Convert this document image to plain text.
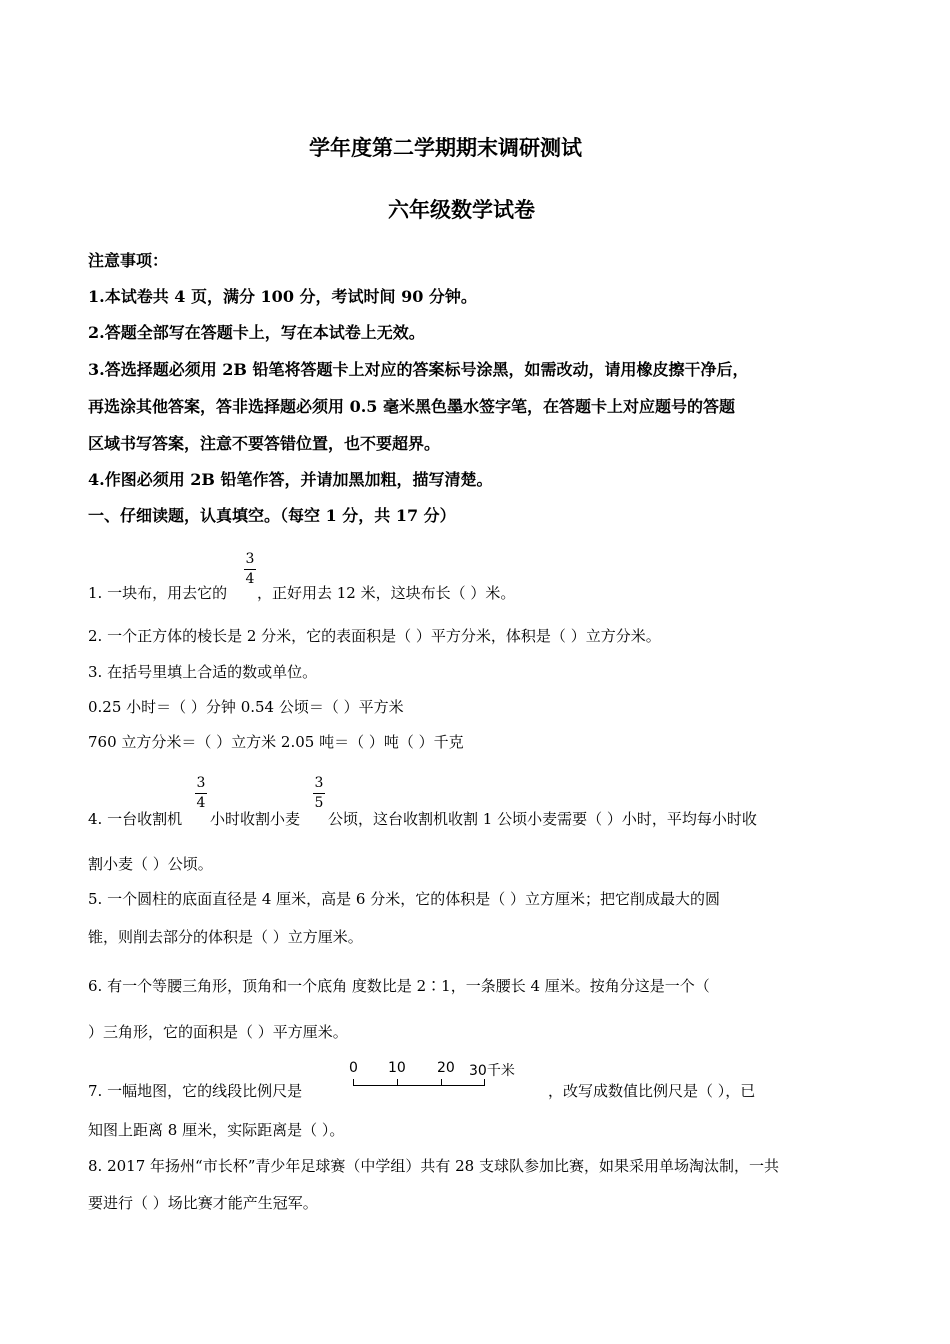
学年度第二学期期末调研测试
六年级数学试卷
注意事项：
1.本试卷共 4 页，满分 100 分，考试时间 90 分钟。
2.答题全部写在答题卡上，写在本试卷上无效。
3.答选择题必须用 2B 铅笔将答题卡上对应的答案标号涂黑，如需改动，请用橡皮擦干净后，
再选涂其他答案，答非选择题必须用 0.5 毫米黑色墨水签字笔，在答题卡上对应题号的答题
区域书写答案，注意不要答错位置，也不要超界。
4.作图必须用 2B 铅笔作答，并请加黑加粗，描写清楚。
一、仔细读题，认真填空。（每空 1 分，共 17 分）
1. 一块布，用去它的
3
4
，正好用去 12 米，这块布长（ ）米。
2. 一个正方体的棱长是 2 分米，它的表面积是（ ）平方分米，体积是（ ）立方分米。
3. 在括号里填上合适的数或单位。
0.25 小时＝（ ）分钟 0.54 公顷＝（ ）平方米
760 立方分米＝（ ）立方米 2.05 吨＝（ ）吨（ ）千克
4. 一台收割机
3
4
小时收割小麦
3
5
公顷，这台收割机收割 1 公顷小麦需要（ ）小时，平均每小时收
割小麦（ ）公顷。
5. 一个圆柱的底面直径是 4 厘米，高是 6 分米，它的体积是（ ）立方厘米；把它削成最大的圆
锥，则削去部分的体积是（ ）立方厘米。
6. 有一个等腰三角形，顶角和一个底角 度数比是 2∶1，一条腰长 4 厘米。按角分这是一个（
）三角形，它的面积是（ ）平方厘米。
7. 一幅地图，它的线段比例尺是
0 10 20 30千米
，改写成数值比例尺是（ ），已
知图上距离 8 厘米，实际距离是（ ）。
8. 2017 年扬州“市长杯”青少年足球赛（中学组）共有 28 支球队参加比赛，如果采用单场淘汰制，一共
要进行（ ）场比赛才能产生冠军。
